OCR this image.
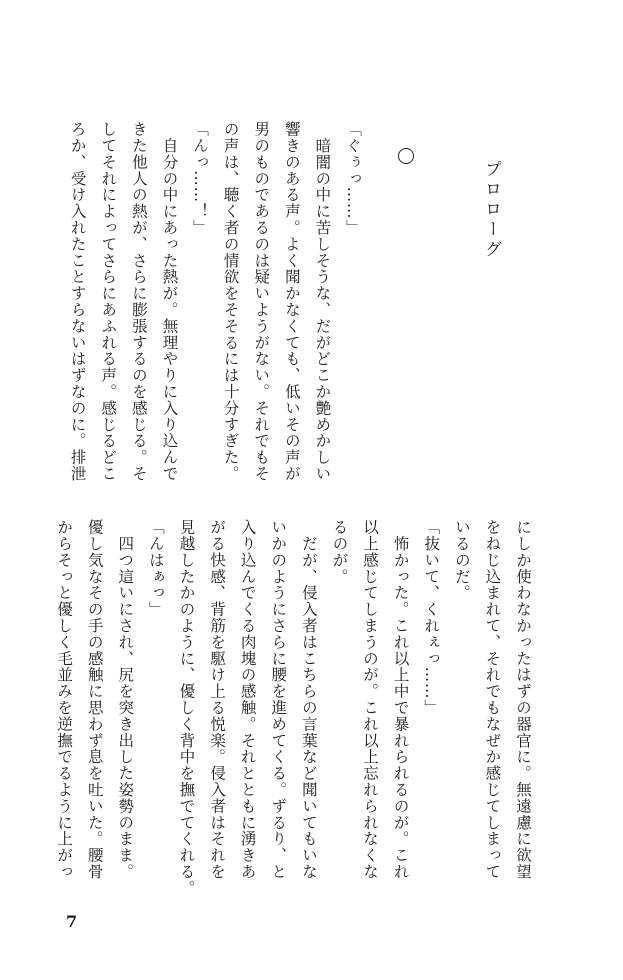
プロローグ
「ぐぅっ……」
　暗闇の中に苦しそうな、だがどこか艶めかしい
響きのある声。よく聞かなくても、低いその声が
男のものであるのは疑いようがない。それでもそ
の声は、聴く者の情欲をそそるには十分すぎた。
「んっ……！」
　自分の中にあった熱が。無理やりに入り込んで
きた他人の熱が、さらに膨張するのを感じる。そ
してそれによってさらにあふれる声。感じるどこ
ろか、受け入れたことすらないはずなのに。排泄
にしか使わなかったはずの器官に。無遠慮に欲望
をねじ込まれて、それでもなぜか感じてしまって
いるのだ。
「抜いて、くれぇっ……」
　怖かった。これ以上中で暴れられるのが。これ
以上感じてしまうのが。これ以上忘れられなくな
るのが。
　だが、侵入者はこちらの言葉など聞いてもいな
いかのようにさらに腰を進めてくる。ずるり、と
入り込んでくる肉塊の感触。それとともに湧きあ
がる快感、背筋を駆け上る悦楽。侵入者はそれを
見越したかのように、優しく背中を撫でてくれる。
「んはぁっ」
　四つ這いにされ、尻を突き出した姿勢のまま。
優し気なその手の感触に思わず息を吐いた。腰骨
からそっと優しく毛並みを逆撫でるように上がっ
7
